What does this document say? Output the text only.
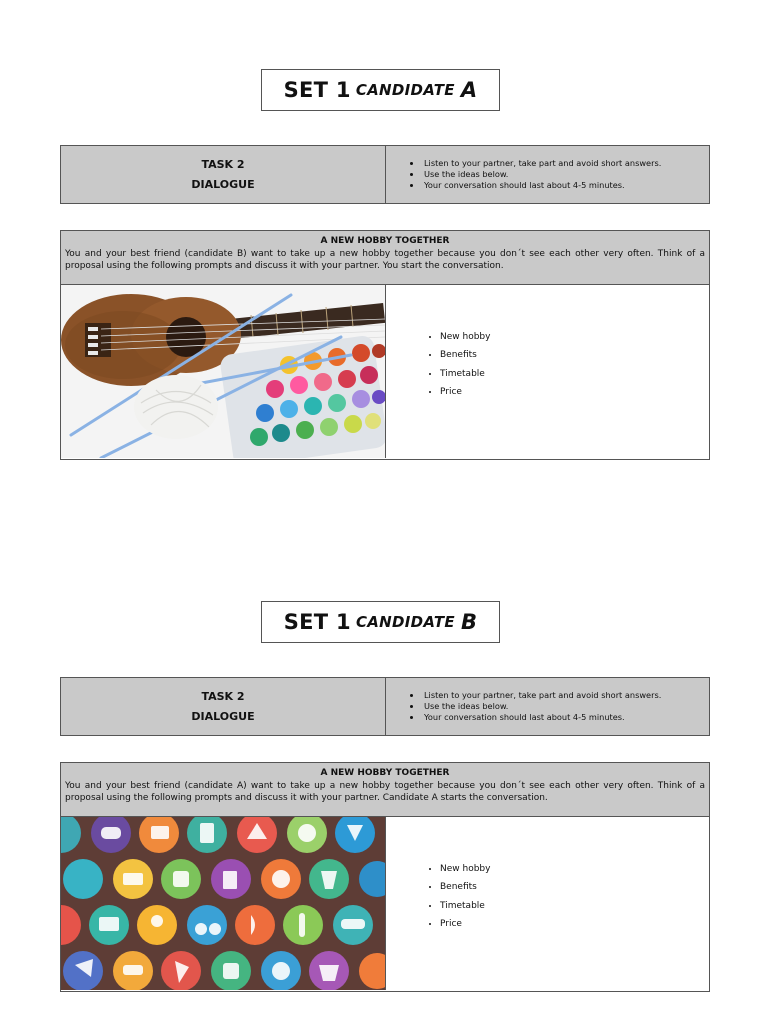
SET 1 CANDIDATE A
TASK 2
DIALOGUE
• Listen to your partner, take part and avoid short answers.
• Use the ideas below.
• Your conversation should last about 4-5 minutes.
A NEW HOBBY TOGETHER
You and your best friend (candidate B) want to take up a new hobby together because you don´t see each other very often. Think of a proposal using the following prompts and discuss it with your partner. You start the conversation.
• New hobby
• Benefits
• Timetable
• Price
SET 1 CANDIDATE B
TASK 2
DIALOGUE
• Listen to your partner, take part and avoid short answers.
• Use the ideas below.
• Your conversation should last about 4-5 minutes.
A NEW HOBBY TOGETHER
You and your best friend (candidate A) want to take up a new hobby together because you don´t see each other very often. Think of a proposal using the following prompts and discuss it with your partner. Candidate A starts the conversation.
• New hobby
• Benefits
• Timetable
• Price
